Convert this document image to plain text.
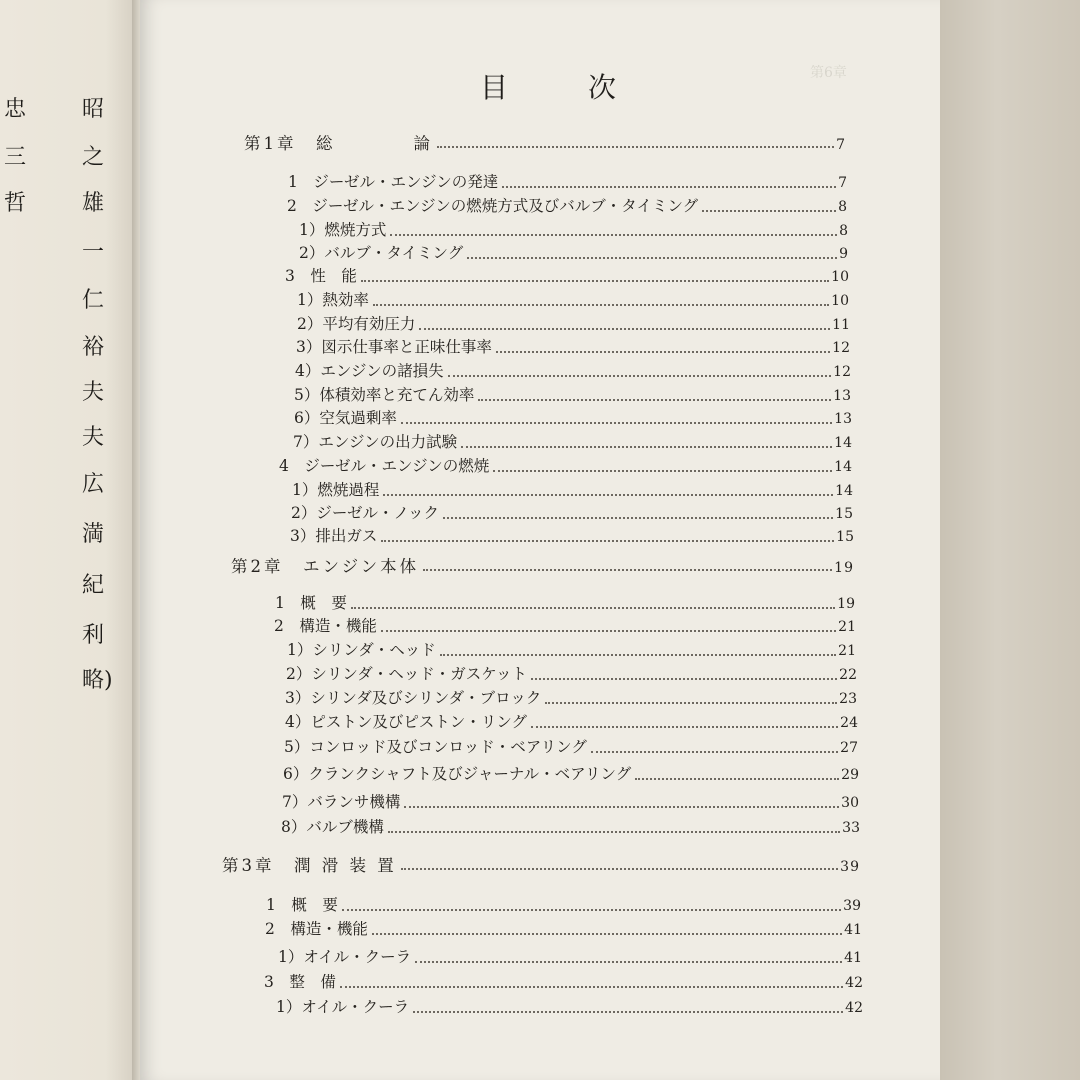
忠	昭
三	之
哲	雄
一
仁
裕
夫
夫
広
満
紀
利
略)
第6章
目	次
第1章　総　　　　論	7
1　ジーゼル・エンジンの発達	7
2　ジーゼル・エンジンの燃焼方式及びバルブ・タイミング	8
1）燃焼方式	8
2）バルブ・タイミング	9
3　性　能	10
1）熱効率	10
2）平均有効圧力	11
3）図示仕事率と正味仕事率	12
4）エンジンの諸損失	12
5）体積効率と充てん効率	13
6）空気過剰率	13
7）エンジンの出力試験	14
4　ジーゼル・エンジンの燃焼	14
1）燃焼過程	14
2）ジーゼル・ノック	15
3）排出ガス	15
第2章　エンジン本体	19
1　概　要	19
2　構造・機能	21
1）シリンダ・ヘッド	21
2）シリンダ・ヘッド・ガスケット	22
3）シリンダ及びシリンダ・ブロック	23
4）ピストン及びピストン・リング	24
5）コンロッド及びコンロッド・ベアリング	27
6）クランクシャフト及びジャーナル・ベアリング	29
7）バランサ機構	30
8）バルブ機構	33
第3章　潤 滑 装 置	39
1　概　要	39
2　構造・機能	41
1）オイル・クーラ	41
3　整　備	42
1）オイル・クーラ	42
